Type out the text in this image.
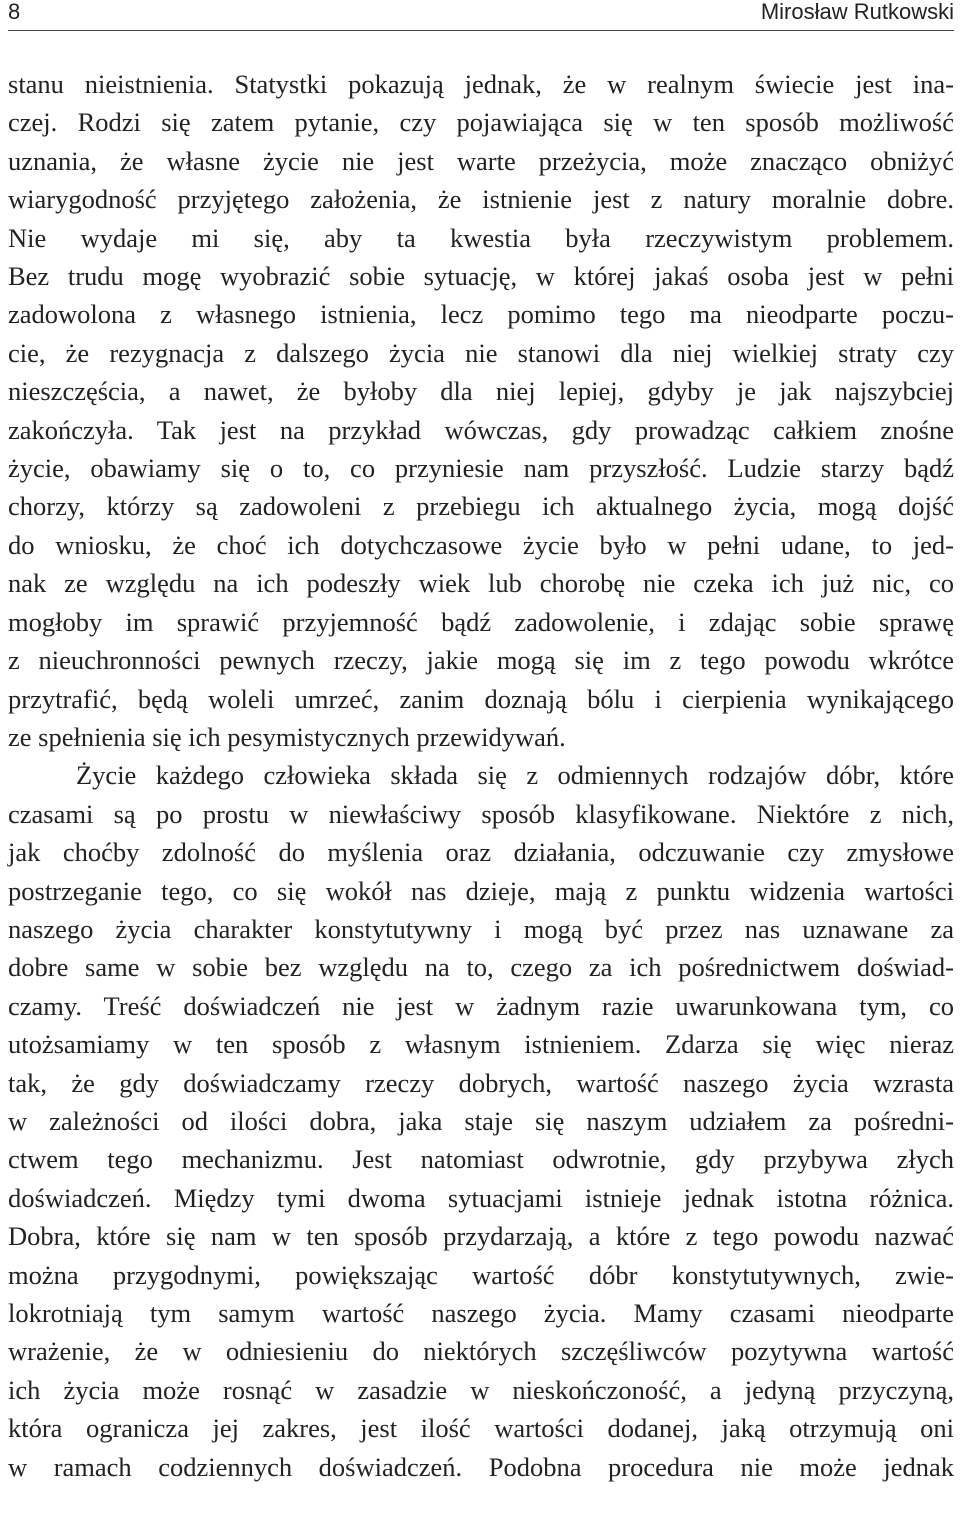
8	Mirosław Rutkowski
stanu nieistnienia. Statystki pokazują jednak, że w realnym świecie jest ina-
czej. Rodzi się zatem pytanie, czy pojawiająca się w ten sposób możliwość
uznania, że własne życie nie jest warte przeżycia, może znacząco obniżyć
wiarygodność przyjętego założenia, że istnienie jest z natury moralnie dobre.
Nie wydaje mi się, aby ta kwestia była rzeczywistym problemem.
Bez trudu mogę wyobrazić sobie sytuację, w której jakaś osoba jest w pełni
zadowolona z własnego istnienia, lecz pomimo tego ma nieodparte poczu-
cie, że rezygnacja z dalszego życia nie stanowi dla niej wielkiej straty czy
nieszczęścia, a nawet, że byłoby dla niej lepiej, gdyby je jak najszybciej
zakończyła. Tak jest na przykład wówczas, gdy prowadząc całkiem znośne
życie, obawiamy się o to, co przyniesie nam przyszłość. Ludzie starzy bądź
chorzy, którzy są zadowoleni z przebiegu ich aktualnego życia, mogą dojść
do wniosku, że choć ich dotychczasowe życie było w pełni udane, to jed-
nak ze względu na ich podeszły wiek lub chorobę nie czeka ich już nic, co
mogłoby im sprawić przyjemność bądź zadowolenie, i zdając sobie sprawę
z nieuchronności pewnych rzeczy, jakie mogą się im z tego powodu wkrótce
przytrafić, będą woleli umrzeć, zanim doznają bólu i cierpienia wynikającego
ze spełnienia się ich pesymistycznych przewidywań.
Życie każdego człowieka składa się z odmiennych rodzajów dóbr, które
czasami są po prostu w niewłaściwy sposób klasyfikowane. Niektóre z nich,
jak choćby zdolność do myślenia oraz działania, odczuwanie czy zmysłowe
postrzeganie tego, co się wokół nas dzieje, mają z punktu widzenia wartości
naszego życia charakter konstytutywny i mogą być przez nas uznawane za
dobre same w sobie bez względu na to, czego za ich pośrednictwem doświad-
czamy. Treść doświadczeń nie jest w żadnym razie uwarunkowana tym, co
utożsamiamy w ten sposób z własnym istnieniem. Zdarza się więc nieraz
tak, że gdy doświadczamy rzeczy dobrych, wartość naszego życia wzrasta
w zależności od ilości dobra, jaka staje się naszym udziałem za pośredni-
ctwem tego mechanizmu. Jest natomiast odwrotnie, gdy przybywa złych
doświadczeń. Między tymi dwoma sytuacjami istnieje jednak istotna różnica.
Dobra, które się nam w ten sposób przydarzają, a które z tego powodu nazwać
można przygodnymi, powiększając wartość dóbr konstytutywnych, zwie-
lokrotniają tym samym wartość naszego życia. Mamy czasami nieodparte
wrażenie, że w odniesieniu do niektórych szczęśliwców pozytywna wartość
ich życia może rosnąć w zasadzie w nieskończoność, a jedyną przyczyną,
która ogranicza jej zakres, jest ilość wartości dodanej, jaką otrzymują oni
w ramach codziennych doświadczeń. Podobna procedura nie może jednak
